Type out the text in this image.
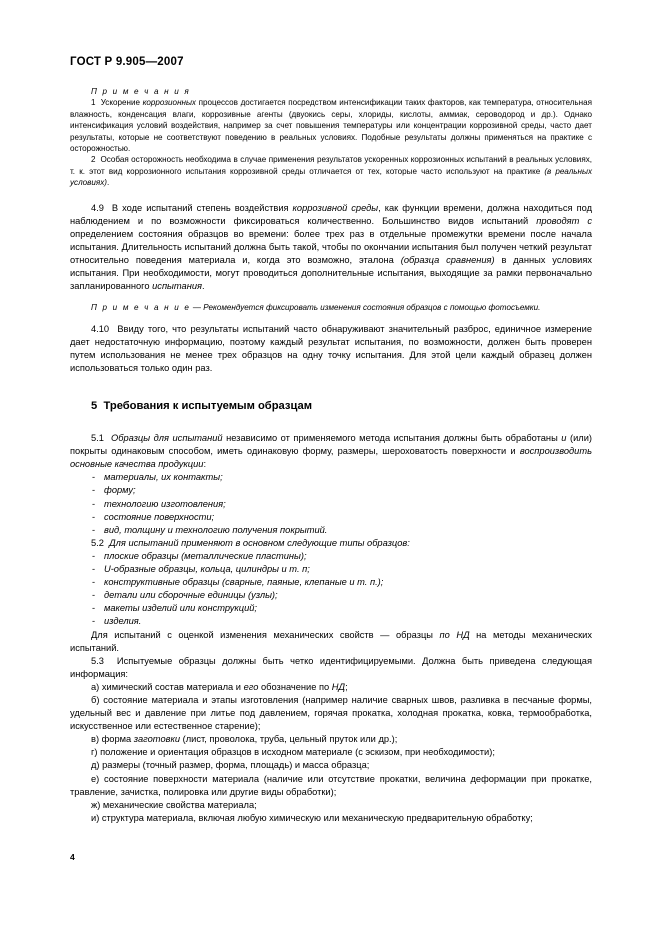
ГОСТ Р 9.905—2007

П р и м е ч а н и я

1 Ускорение коррозионных процессов достигается посредством интенсификации таких факторов, как температура, относительная влажность, конденсация влаги, коррозивные агенты (двуокись серы, хлориды, кислоты, аммиак, сероводород и др.). Однако интенсификация условий воздействия, например за счет повышения температуры или концентрации коррозивной среды, часто дает результаты, которые не соответствуют поведению в реальных условиях. Подобные результаты должны применяться на практике с осторожностью.

2 Особая осторожность необходима в случае применения результатов ускоренных коррозионных испытаний в реальных условиях, т. к. этот вид коррозионного испытания коррозивной среды отличается от тех, которые часто используют на практике (в реальных условиях).

4.9 В ходе испытаний степень воздействия коррозивной среды, как функции времени, должна находиться под наблюдением и по возможности фиксироваться количественно. Большинство видов испытаний проводят с определением состояния образцов во времени: более трех раз в отдельные промежутки времени после начала испытания. Длительность испытаний должна быть такой, чтобы по окончании испытания был получен четкий результат относительно поведения материала и, когда это возможно, эталона (образца сравнения) в данных условиях испытания. При необходимости, могут проводиться дополнительные испытания, выходящие за рамки первоначально запланированного испытания.

П р и м е ч а н и е — Рекомендуется фиксировать изменения состояния образцов с помощью фотосъемки.

4.10 Ввиду того, что результаты испытаний часто обнаруживают значительный разброс, единичное измерение дает недостаточную информацию, поэтому каждый результат испытания, по возможности, должен быть проверен путем использования не менее трех образцов на одну точку испытания. Для этой цели каждый образец должен использоваться только один раз.

5 Требования к испытуемым образцам

5.1 Образцы для испытаний независимо от применяемого метода испытания должны быть обработаны и (или) покрыты одинаковым способом, иметь одинаковую форму, размеры, шероховатость поверхности и воспроизводить основные качества продукции:

- материалы, их контакты;
- форму;
- технологию изготовления;
- состояние поверхности;
- вид, толщину и технологию получения покрытий.

5.2 Для испытаний применяют в основном следующие типы образцов:

- плоские образцы (металлические пластины);
- U-образные образцы, кольца, цилиндры и т. п;
- конструктивные образцы (сварные, паяные, клепаные и т. п.);
- детали или сборочные единицы (узлы);
- макеты изделий или конструкций;
- изделия.

Для испытаний с оценкой изменения механических свойств — образцы по НД на методы механических испытаний.

5.3 Испытуемые образцы должны быть четко идентифицируемыми. Должна быть приведена следующая информация:

а) химический состав материала и его обозначение по НД;

б) состояние материала и этапы изготовления (например наличие сварных швов, разливка в песчаные формы, удельный вес и давление при литье под давлением, горячая прокатка, холодная прокатка, ковка, термообработка, искусственное или естественное старение);

в) форма заготовки (лист, проволока, труба, цельный пруток или др.);

г) положение и ориентация образцов в исходном материале (с эскизом, при необходимости);

д) размеры (точный размер, форма, площадь) и масса образца;

е) состояние поверхности материала (наличие или отсутствие прокатки, величина деформации при прокатке, травление, зачистка, полировка или другие виды обработки);

ж) механические свойства материала;

и) структура материала, включая любую химическую или механическую предварительную обработку;

4
